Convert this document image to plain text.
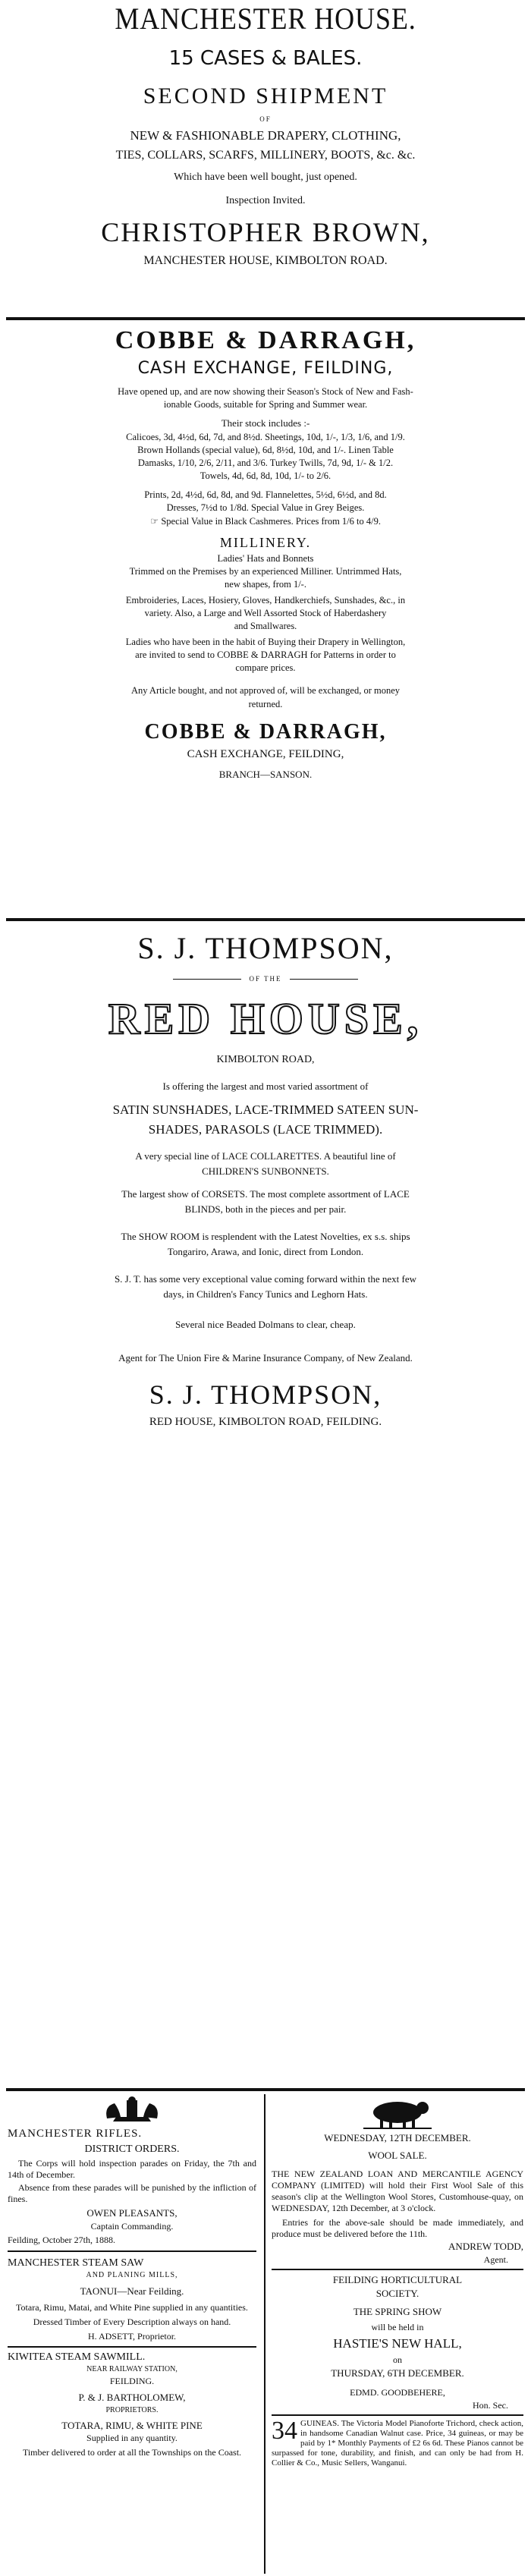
MANCHESTER HOUSE.
15 CASES & BALES.
SECOND SHIPMENT
OF
NEW & FASHIONABLE DRAPERY, CLOTHING,
TIES, COLLARS, SCARFS, MILLINERY, BOOTS, &c. &c.
Which have been well bought, just opened.
Inspection Invited.
CHRISTOPHER BROWN,
MANCHESTER HOUSE, KIMBOLTON ROAD.
COBBE & DARRAGH,
CASH EXCHANGE, FEILDING,
Have opened up, and are now showing their Season's Stock of New and Fash-
ionable Goods, suitable for Spring and Summer wear.
Their stock includes :-
Calicoes, 3d, 4½d, 6d, 7d, and 8½d. Sheetings, 10d, 1/-, 1/3, 1/6, and 1/9.
Brown Hollands (special value), 6d, 8½d, 10d, and 1/-. Linen Table
Damasks, 1/10, 2/6, 2/11, and 3/6. Turkey Twills, 7d, 9d, 1/- & 1/2.
Towels, 4d, 6d, 8d, 10d, 1/- to 2/6.
Prints, 2d, 4½d, 6d, 8d, and 9d. Flannelettes, 5½d, 6½d, and 8d.
Dresses, 7½d to 1/8d. Special Value in Grey Beiges.
☞ Special Value in Black Cashmeres. Prices from 1/6 to 4/9.
MILLINERY.
Ladies' Hats and Bonnets
Trimmed on the Premises by an experienced Milliner. Untrimmed Hats,
new shapes, from 1/-.
Embroideries, Laces, Hosiery, Gloves, Handkerchiefs, Sunshades, &c., in
variety. Also, a Large and Well Assorted Stock of Haberdashery
and Smallwares.
Ladies who have been in the habit of Buying their Drapery in Wellington,
are invited to send to COBBE & DARRAGH for Patterns in order to
compare prices.
Any Article bought, and not approved of, will be exchanged, or money
returned.
COBBE & DARRAGH,
CASH EXCHANGE, FEILDING,
BRANCH—SANSON.
S. J. THOMPSON,
OF THE
RED HOUSE,
KIMBOLTON ROAD,
Is offering the largest and most varied assortment of
SATIN SUNSHADES, LACE-TRIMMED SATEEN SUN-
SHADES, PARASOLS (LACE TRIMMED).
A very special line of LACE COLLARETTES. A beautiful line of
CHILDREN'S SUNBONNETS.
The largest show of CORSETS. The most complete assortment of LACE
BLINDS, both in the pieces and per pair.
The SHOW ROOM is resplendent with the Latest Novelties, ex s.s. ships
Tongariro, Arawa, and Ionic, direct from London.
S. J. T. has some very exceptional value coming forward within the next few
days, in Children's Fancy Tunics and Leghorn Hats.
Several nice Beaded Dolmans to clear, cheap.
Agent for The Union Fire & Marine Insurance Company, of New Zealand.
S. J. THOMPSON,
RED HOUSE, KIMBOLTON ROAD, FEILDING.
MANCHESTER RIFLES.
DISTRICT ORDERS.
The Corps will hold inspection parades on Friday, the 7th and 14th of December.
Absence from these parades will be punished by the infliction of fines.
OWEN PLEASANTS,
Captain Commanding.
Feilding, October 27th, 1888.
MANCHESTER STEAM SAW
AND PLANING MILLS,
TAONUI—Near Feilding.
Totara, Rimu, Matai, and White Pine supplied in any quantities.
Dressed Timber of Every Description always on hand.
H. ADSETT, Proprietor.
KIWITEA STEAM SAWMILL.
NEAR RAILWAY STATION,
FEILDING.
P. & J. BARTHOLOMEW,
PROPRIETORS.
TOTARA, RIMU, & WHITE PINE
Supplied in any quantity.
Timber delivered to order at all the Townships on the Coast.
WEDNESDAY, 12TH DECEMBER.
WOOL SALE.
THE NEW ZEALAND LOAN AND MERCANTILE AGENCY COMPANY (LIMITED) will hold their First Wool Sale of this season's clip at the Wellington Wool Stores, Customhouse-quay, on WEDNESDAY, 12th December, at 3 o'clock.
Entries for the above-sale should be made immediately, and produce must be delivered before the 11th.
ANDREW TODD,
Agent.
FEILDING HORTICULTURAL
SOCIETY.
THE SPRING SHOW
will be held in
HASTIE'S NEW HALL,
on
THURSDAY, 6TH DECEMBER.
EDMD. GOODBEHERE,
Hon. Sec.
34 GUINEAS. The Victoria Model Pianoforte Trichord, check action, in handsome Canadian Walnut case. Price, 34 guineas, or may be paid by 1* Monthly Payments of £2 6s 6d. These Pianos cannot be surpassed for tone, durability, and finish, and can only be had from H. Collier & Co., Music Sellers, Wanganui.
